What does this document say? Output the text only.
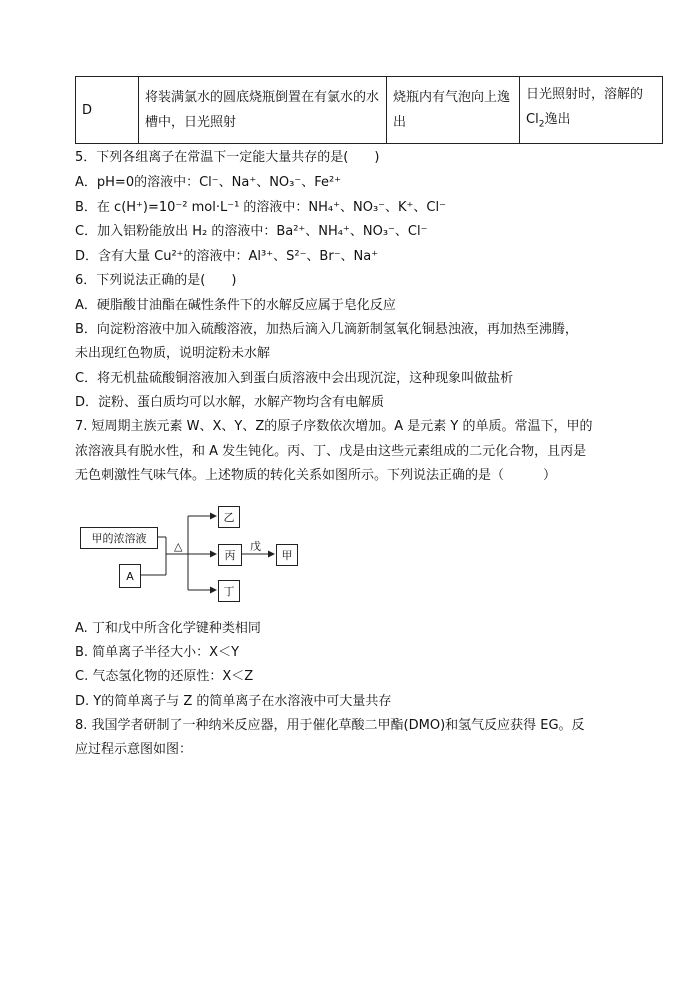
D	将装满氯水的圆底烧瓶倒置在有氯水的水槽中，日光照射	烧瓶内有气泡向上逸出	日光照射时，溶解的
$Cl_2$逸出
5．下列各组离子在常温下一定能大量共存的是(　　)
A．pH=0的溶液中：Cl⁻、Na⁺、NO₃⁻、Fe²⁺
B．在 c(H⁺)=10⁻² mol·L⁻¹ 的溶液中：NH₄⁺、NO₃⁻、K⁺、Cl⁻
C．加入铝粉能放出 H₂ 的溶液中：Ba²⁺、NH₄⁺、NO₃⁻、Cl⁻
D．含有大量 Cu²⁺的溶液中：Al³⁺、S²⁻、Br⁻、Na⁺
6．下列说法正确的是(　　)
A．硬脂酸甘油酯在碱性条件下的水解反应属于皂化反应
B．向淀粉溶液中加入硫酸溶液，加热后滴入几滴新制氢氧化铜悬浊液，再加热至沸腾，
未出现红色物质，说明淀粉未水解
C．将无机盐硫酸铜溶液加入到蛋白质溶液中会出现沉淀，这种现象叫做盐析
D．淀粉、蛋白质均可以水解，水解产物均含有电解质
7. 短周期主族元素 W、X、Y、Z的原子序数依次增加。A 是元素 Y 的单质。常温下，甲的
浓溶液具有脱水性，和 A 发生钝化。丙、丁、戊是由这些元素组成的二元化合物，且丙是
无色刺激性气味气体。上述物质的转化关系如图所示。下列说法正确的是（　　　）
甲的浓溶液
A
△
乙
丙
丁
戊
甲
A. 丁和戊中所含化学键种类相同
B. 简单离子半径大小：X＜Y
C. 气态氢化物的还原性：X＜Z
D. Y的简单离子与 Z 的简单离子在水溶液中可大量共存
8. 我国学者研制了一种纳米反应器，用于催化草酸二甲酯(DMO)和氢气反应获得 EG。反
应过程示意图如图：
